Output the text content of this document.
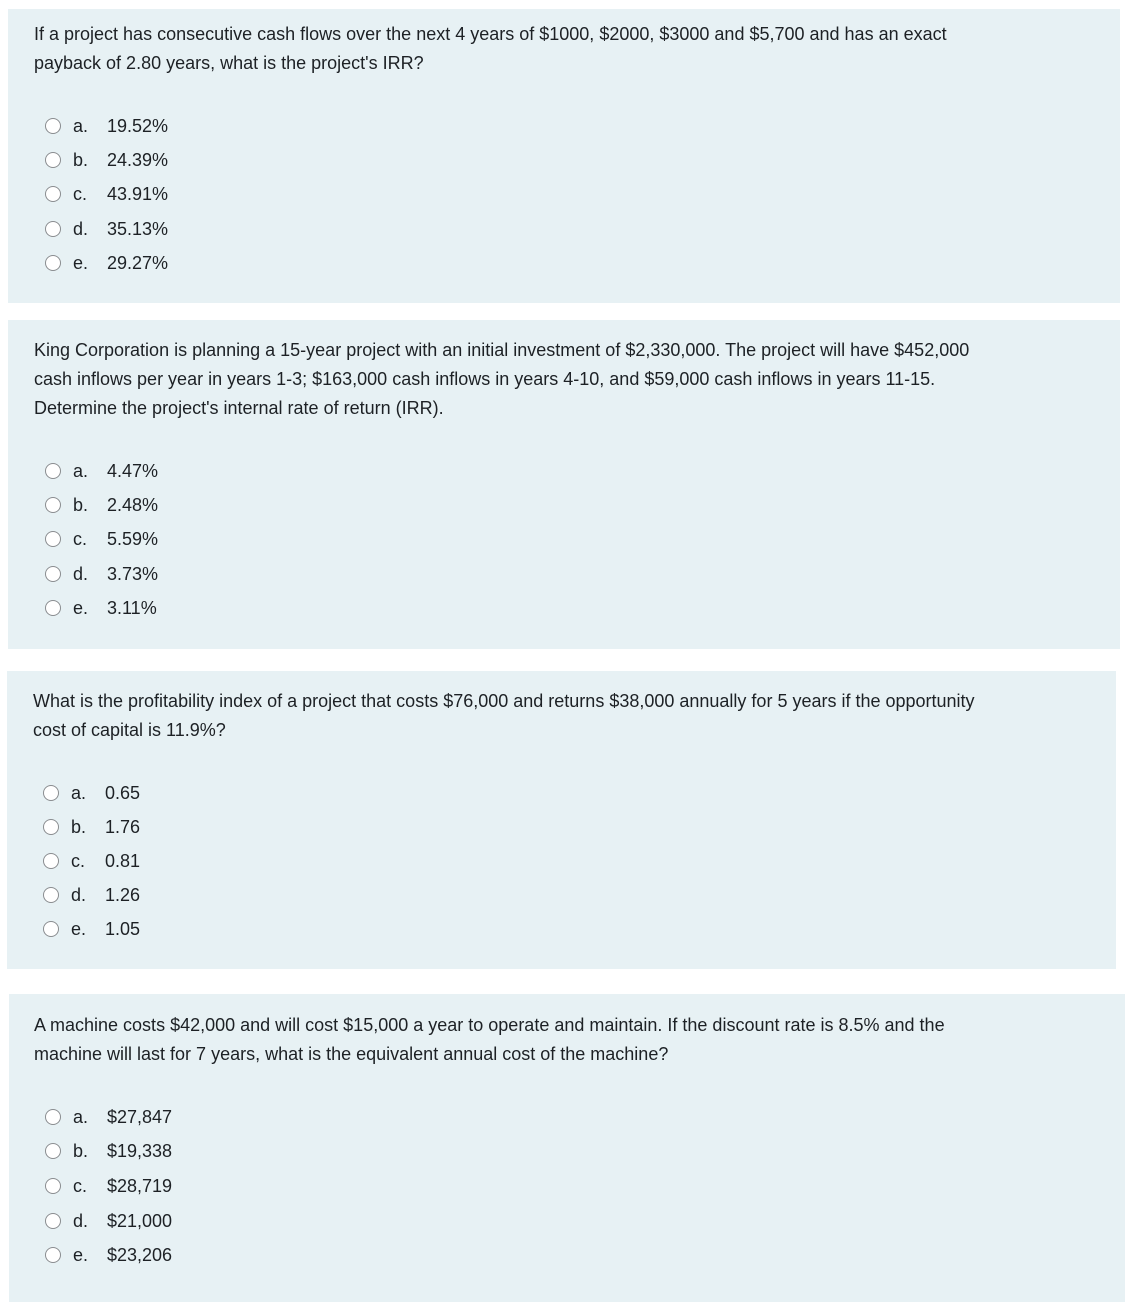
If a project has consecutive cash flows over the next 4 years of $1000, $2000, $3000 and $5,700 and has an exact
payback of 2.80 years, what is the project's IRR?
a.	19.52%
b.	24.39%
c.	43.91%
d.	35.13%
e.	29.27%
King Corporation is planning a 15-year project with an initial investment of $2,330,000. The project will have $452,000
cash inflows per year in years 1-3; $163,000 cash inflows in years 4-10, and $59,000 cash inflows in years 11-15.
Determine the project's internal rate of return (IRR).
a.	4.47%
b.	2.48%
c.	5.59%
d.	3.73%
e.	3.11%
What is the profitability index of a project that costs $76,000 and returns $38,000 annually for 5 years if the opportunity
cost of capital is 11.9%?
a.	0.65
b.	1.76
c.	0.81
d.	1.26
e.	1.05
A machine costs $42,000 and will cost $15,000 a year to operate and maintain. If the discount rate is 8.5% and the
machine will last for 7 years, what is the equivalent annual cost of the machine?
a.	$27,847
b.	$19,338
c.	$28,719
d.	$21,000
e.	$23,206
